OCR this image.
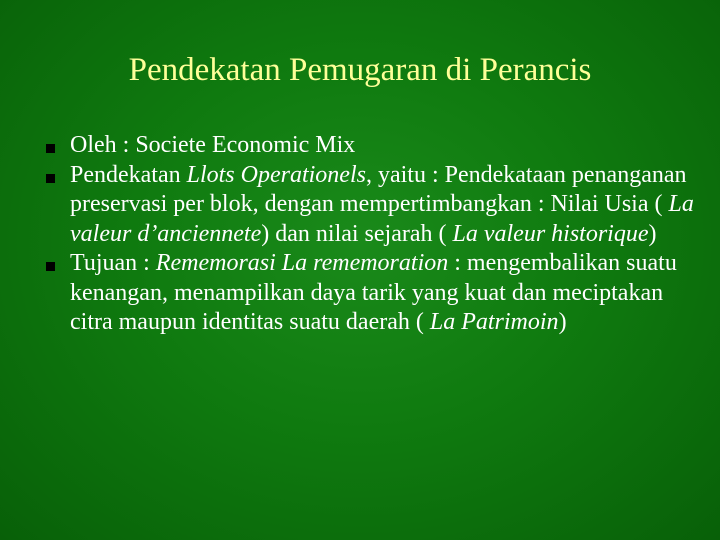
Pendekatan Pemugaran di Perancis
Oleh : Societe Economic Mix
Pendekatan Llots Operationels, yaitu : Pendekataan penanganan preservasi per blok, dengan mempertimbangkan : Nilai Usia ( La valeur d’anciennete) dan nilai sejarah ( La valeur historique)
Tujuan : Rememorasi La rememoration : mengembalikan suatu kenangan, menampilkan daya tarik yang kuat dan meciptakan citra maupun identitas suatu daerah ( La Patrimoin)
